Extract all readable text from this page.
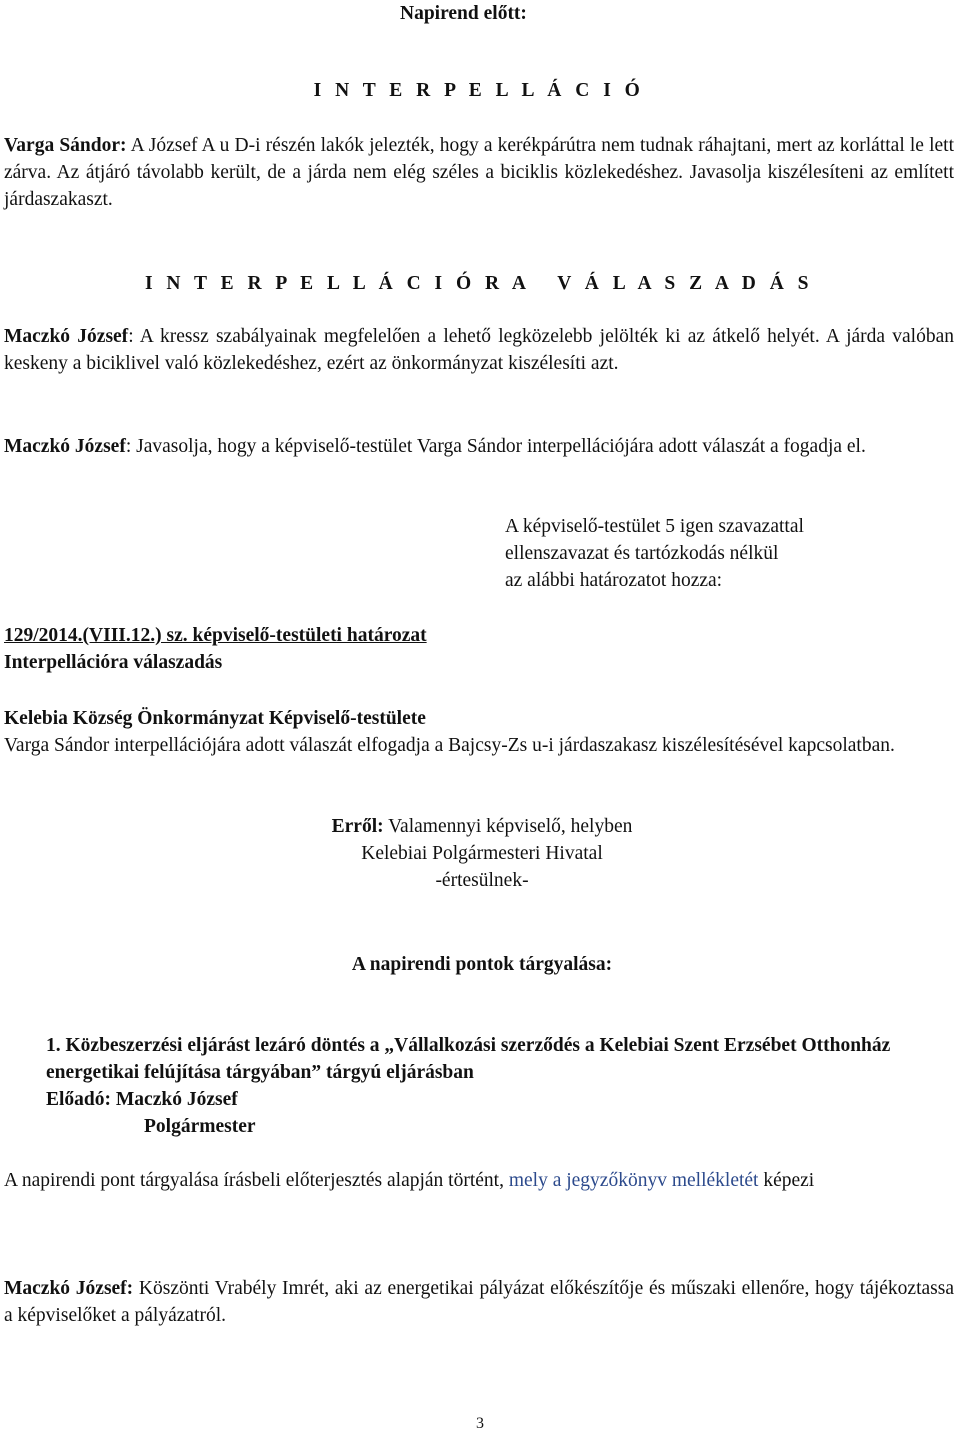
Napirend előtt:
I N T E R P E L L Á C I Ó
Varga Sándor: A József A u D-i részén lakók jelezték, hogy a kerékpárútra nem tudnak ráhajtani, mert az korláttal le lett zárva. Az átjáró távolabb került, de a járda nem elég széles a biciklis közlekedéshez. Javasolja kiszélesíteni az említett járdaszakaszt.
I N T E R P E L L Á C I Ó R A   V Á L A S Z A D Á S
Maczkó József: A kressz szabályainak megfelelően a lehető legközelebb jelölték ki az átkelő helyét. A járda valóban keskeny a biciklivel való közlekedéshez, ezért az önkormányzat kiszélesíti azt.
Maczkó József: Javasolja, hogy a képviselő-testület Varga Sándor interpellációjára adott válaszát a fogadja el.
A képviselő-testület 5 igen szavazattal
ellenszavazat és tartózkodás nélkül
az alábbi határozatot hozza:
129/2014.(VIII.12.) sz. képviselő-testületi határozat
Interpellációra válaszadás
Kelebia Község Önkormányzat Képviselő-testülete
Varga Sándor interpellációjára adott válaszát elfogadja a Bajcsy-Zs u-i járdaszakasz kiszélesítésével kapcsolatban.
Erről: Valamennyi képviselő, helyben
Kelebiai Polgármesteri Hivatal
-értesülnek-
A napirendi pontok tárgyalása:
1. Közbeszerzési eljárást lezáró döntés a „Vállalkozási szerződés a Kelebiai Szent Erzsébet Otthonház energetikai felújítása tárgyában” tárgyú eljárásban
Előadó: Maczkó József
Polgármester
A napirendi pont tárgyalása írásbeli előterjesztés alapján történt, mely a jegyzőkönyv mellékletét képezi
Maczkó József: Köszönti Vrabély Imrét, aki az energetikai pályázat előkészítője és műszaki ellenőre, hogy tájékoztassa a képviselőket a pályázatról.
3
